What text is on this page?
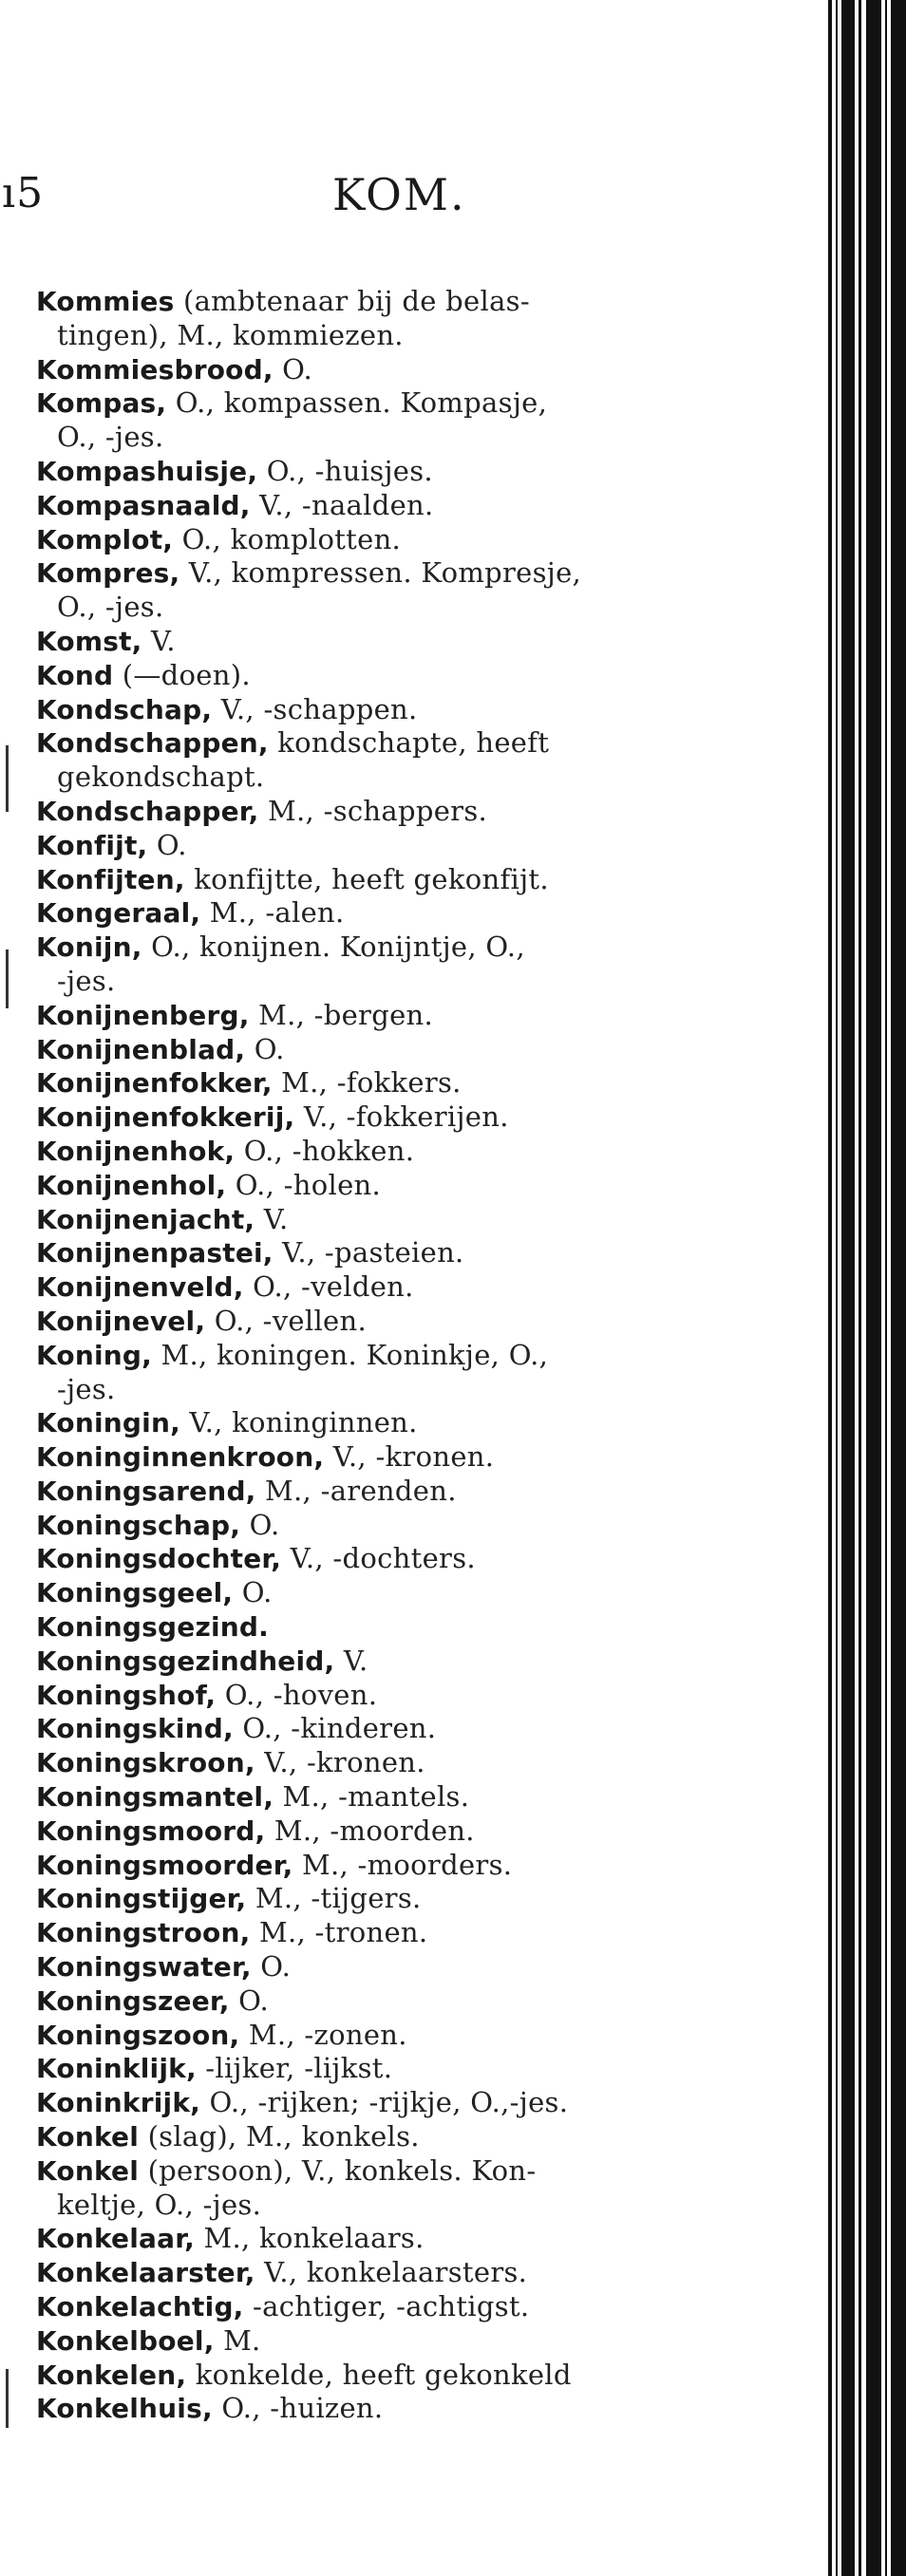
ı5	KOM.
Kommies (ambtenaar bij de belas-
tingen), M., kommiezen.
Kommiesbrood, O.
Kompas, O., kompassen. Kompasje,
O., -jes.
Kompashuisje, O., -huisjes.
Kompasnaald, V., -naalden.
Komplot, O., komplotten.
Kompres, V., kompressen. Kompresje,
O., -jes.
Komst, V.
Kond (—doen).
Kondschap, V., -schappen.
Kondschappen, kondschapte, heeft
gekondschapt.
Kondschapper, M., -schappers.
Konfijt, O.
Konfijten, konfijtte, heeft gekonfijt.
Kongeraal, M., -alen.
Konijn, O., konijnen. Konijntje, O.,
-jes.
Konijnenberg, M., -bergen.
Konijnenblad, O.
Konijnenfokker, M., -fokkers.
Konijnenfokkerij, V., -fokkerijen.
Konijnenhok, O., -hokken.
Konijnenhol, O., -holen.
Konijnenjacht, V.
Konijnenpastei, V., -pasteien.
Konijnenveld, O., -velden.
Konijnevel, O., -vellen.
Koning, M., koningen. Koninkje, O.,
-jes.
Koningin, V., koninginnen.
Koninginnenkroon, V., -kronen.
Koningsarend, M., -arenden.
Koningschap, O.
Koningsdochter, V., -dochters.
Koningsgeel, O.
Koningsgezind.
Koningsgezindheid, V.
Koningshof, O., -hoven.
Koningskind, O., -kinderen.
Koningskroon, V., -kronen.
Koningsmantel, M., -mantels.
Koningsmoord, M., -moorden.
Koningsmoorder, M., -moorders.
Koningstijger, M., -tijgers.
Koningstroon, M., -tronen.
Koningswater, O.
Koningszeer, O.
Koningszoon, M., -zonen.
Koninklijk, -lijker, -lijkst.
Koninkrijk, O., -rijken; -rijkje, O.,-jes.
Konkel (slag), M., konkels.
Konkel (persoon), V., konkels. Kon-
keltje, O., -jes.
Konkelaar, M., konkelaars.
Konkelaarster, V., konkelaarsters.
Konkelachtig, -achtiger, -achtigst.
Konkelboel, M.
Konkelen, konkelde, heeft gekonkeld
Konkelhuis, O., -huizen.
